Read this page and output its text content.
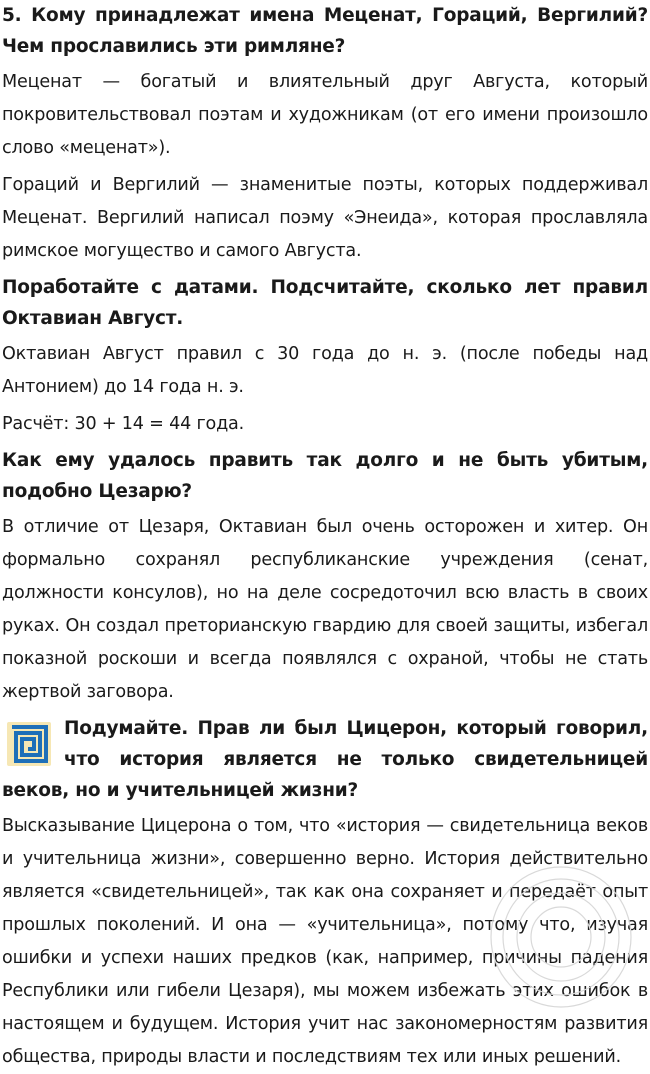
5. Кому принадлежат имена Меценат, Гораций, Вергилий? Чем прославились эти римляне?

Меценат — богатый и влиятельный друг Августа, который покровительствовал поэтам и художникам (от его имени произошло слово «меценат»).

Гораций и Вергилий — знаменитые поэты, которых поддерживал Меценат. Вергилий написал поэму «Энеида», которая прославляла римское могущество и самого Августа.

Поработайте с датами. Подсчитайте, сколько лет правил Октавиан Август.

Октавиан Август правил с 30 года до н. э. (после победы над Антонием) до 14 года н. э.

Расчёт: 30 + 14 = 44 года.

Как ему удалось править так долго и не быть убитым, подобно Цезарю?

В отличие от Цезаря, Октавиан был очень осторожен и хитер. Он формально сохранял республиканские учреждения (сенат, должности консулов), но на деле сосредоточил всю власть в своих руках. Он создал преторианскую гвардию для своей защиты, избегал показной роскоши и всегда появлялся с охраной, чтобы не стать жертвой заговора.

Подумайте. Прав ли был Цицерон, который говорил, что история является не только свидетельницей веков, но и учительницей жизни?

Высказывание Цицерона о том, что «история — свидетельница веков и учительница жизни», совершенно верно. История действительно является «свидетельницей», так как она сохраняет и передаёт опыт прошлых поколений. И она — «учительница», потому что, изучая ошибки и успехи наших предков (как, например, причины падения Республики или гибели Цезаря), мы можем избежать этих ошибок в настоящем и будущем. История учит нас закономерностям развития общества, природы власти и последствиям тех или иных решений.
